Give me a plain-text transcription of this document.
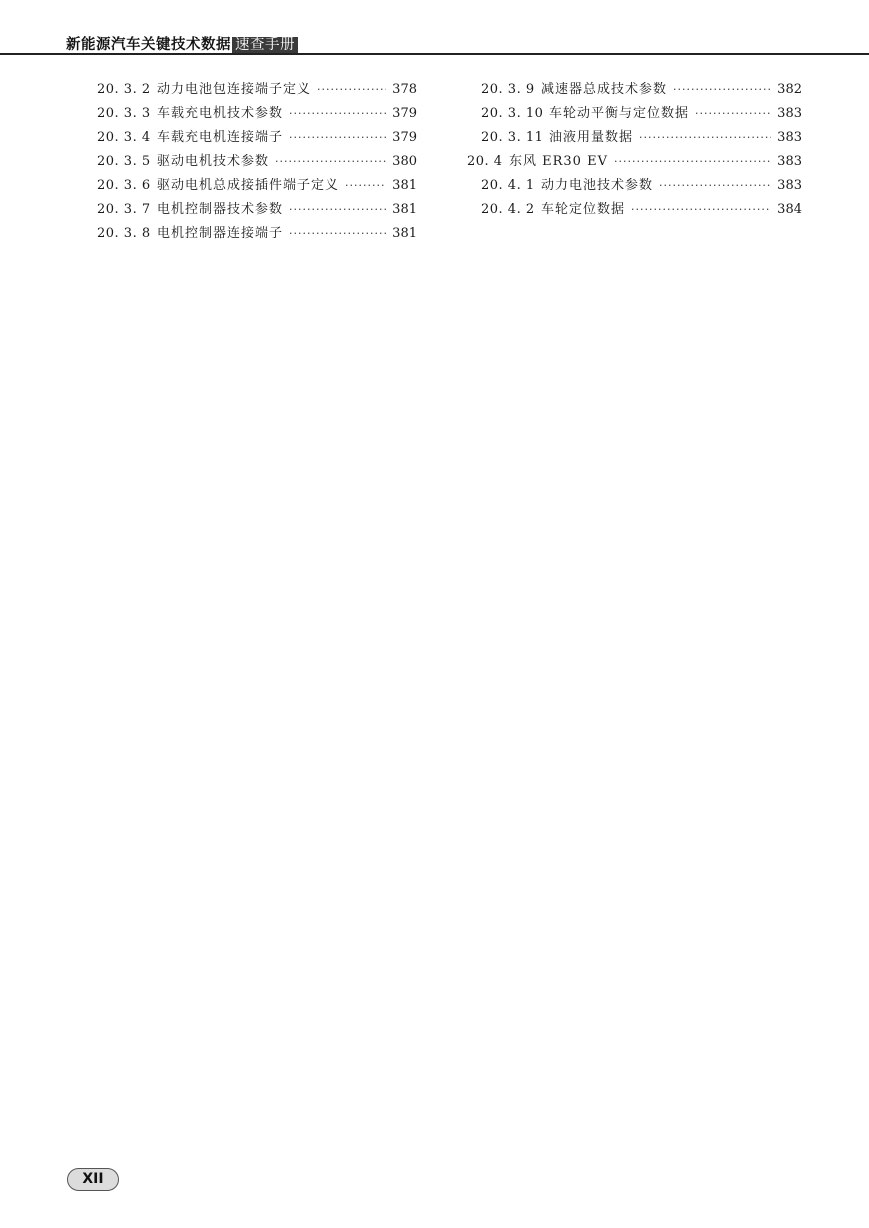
新能源汽车关键技术数据 速查手册
20. 3. 2 动力电池包连接端子定义 ·····	378
20. 3. 3 车载充电机技术参数 ·····	379
20. 3. 4 车载充电机连接端子 ·····	379
20. 3. 5 驱动电机技术参数 ·····	380
20. 3. 6 驱动电机总成接插件端子定义 ·····	381
20. 3. 7 电机控制器技术参数 ·····	381
20. 3. 8 电机控制器连接端子 ·····	381
20. 3. 9 减速器总成技术参数 ·····	382
20. 3. 10 车轮动平衡与定位数据 ·····	383
20. 3. 11 油液用量数据 ·····	383
20. 4 东风 ER30 EV ·····	383
20. 4. 1 动力电池技术参数 ·····	383
20. 4. 2 车轮定位数据 ·····	384
XII
